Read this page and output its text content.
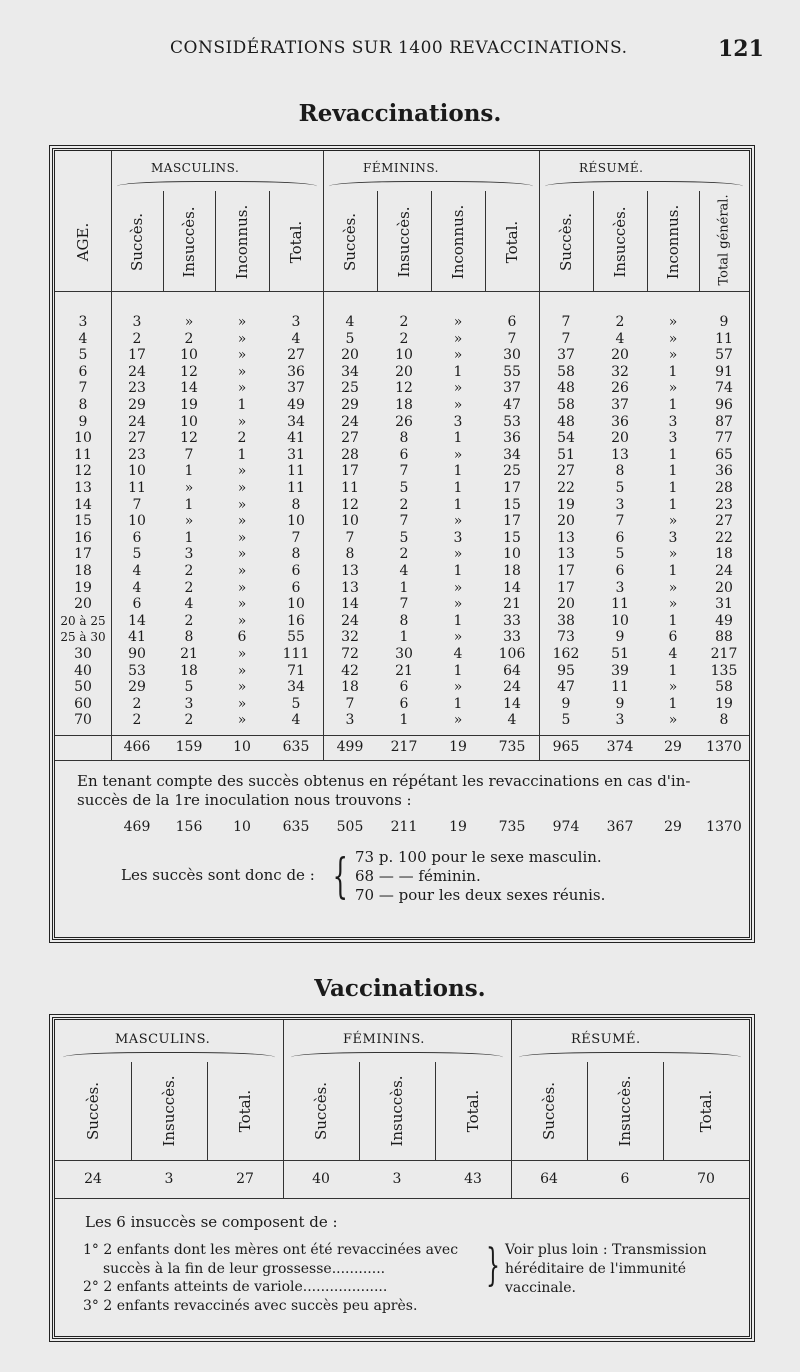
CONSIDÉRATIONS SUR 1400 REVACCINATIONS.	121
Revaccinations.
MASCULINS.	FÉMININS.	RÉSUMÉ.
AGE. Succès. Insuccès. Inconnus. Total. Succès. Insuccès. Inconnus. Total. Succès. Insuccès. Inconnus.	Total général.
3	3	»	»	3	4	2	»	6	7	2	»	9
4	2	2	»	4	5	2	»	7	7	4	»	11
5	17	10	»	27	20	10	»	30	37	20	»	57
6	24	12	»	36	34	20	1	55	58	32	1	91
7	23	14	»	37	25	12	»	37	48	26	»	74
8	29	19	1	49	29	18	»	47	58	37	1	96
9	24	10	»	34	24	26	3	53	48	36	3	87
10	27	12	2	41	27	8	1	36	54	20	3	77
11	23	7	1	31	28	6	»	34	51	13	1	65
12	10	1	»	11	17	7	1	25	27	8	1	36
13	11	»	»	11	11	5	1	17	22	5	1	28
14	7	1	»	8	12	2	1	15	19	3	1	23
15	10	»	»	10	10	7	»	17	20	7	»	27
16	6	1	»	7	7	5	3	15	13	6	3	22
17	5	3	»	8	8	2	»	10	13	5	»	18
18	4	2	»	6	13	4	1	18	17	6	1	24
19	4	2	»	6	13	1	»	14	17	3	»	20
20	6	4	»	10	14	7	»	21	20	11	»	31
20 à 25	14	2	»	16	24	8	1	33	38	10	1	49
25 à 30	41	8	6	55	32	1	»	33	73	9	6	88
30	90	21	»	111	72	30	4	106	162	51	4	217
40	53	18	»	71	42	21	1	64	95	39	1	135
50	29	5	»	34	18	6	»	24	47	11	»	58
60	2	3	»	5	7	6	1	14	9	9	1	19
70	2	2	»	4	3	1	»	4	5	3	»	8
466	159	10	635	499	217	19	735	965	374	29	1370
En tenant compte des succès obtenus en répétant les revaccinations en cas d'in-
succès de la 1re inoculation nous trouvons :
469	156	10	635	505	211	19	735	974	367	29	1370
Les succès sont donc de : { 73 p. 100 pour le sexe masculin.
68 — — féminin.
70 — pour les deux sexes réunis.
Vaccinations.
MASCULINS.	FÉMININS.	RÉSUMÉ.
Succès.	Insuccès.	Total.	Succès.	Insuccès.	Total.	Succès.	Insuccès.	Total.
24	3	27	40	3	43	64	6	70
Les 6 insuccès se composent de :
1° 2 enfants dont les mères ont été revaccinées avec
succès à la fin de leur grossesse............
2° 2 enfants atteints de variole...................
3° 2 enfants revaccinés avec succès peu après.
} Voir plus loin : Transmission
héréditaire de l'immunité
vaccinale.
